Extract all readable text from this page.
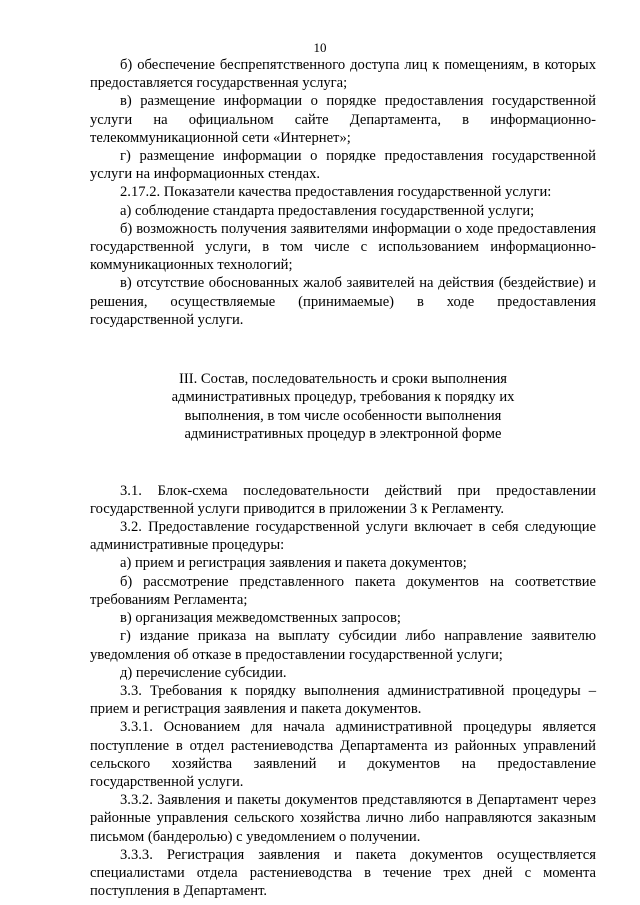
10

б) обеспечение беспрепятственного доступа лиц к помещениям, в которых предоставляется государственная услуга;

в) размещение информации о порядке предоставления государственной услуги на официальном сайте Департамента, в информационно-телекоммуникационной сети «Интернет»;

г) размещение информации о порядке предоставления государственной услуги на информационных стендах.

2.17.2. Показатели качества предоставления государственной услуги:

а) соблюдение стандарта предоставления государственной услуги;

б) возможность получения заявителями информации о ходе предоставления государственной услуги, в том числе с использованием информационно-коммуникационных технологий;

в) отсутствие обоснованных жалоб заявителей на действия (бездействие) и решения, осуществляемые (принимаемые) в ходе предоставления государственной услуги.

III. Состав, последовательность и сроки выполнения
административных процедур, требования к порядку их
выполнения, в том числе особенности выполнения
административных процедур в электронной форме

3.1. Блок-схема последовательности действий при предоставлении государственной услуги приводится в приложении 3 к Регламенту.

3.2. Предоставление государственной услуги включает в себя следующие административные процедуры:

а) прием и регистрация заявления и пакета документов;

б) рассмотрение представленного пакета документов на соответствие требованиям Регламента;

в) организация межведомственных запросов;

г) издание приказа на выплату субсидии либо направление заявителю уведомления об отказе в предоставлении государственной услуги;

д) перечисление субсидии.

3.3. Требования к порядку выполнения административной процедуры – прием и регистрация заявления и пакета документов.

3.3.1. Основанием для начала административной процедуры является поступление в отдел растениеводства Департамента из районных управлений сельского хозяйства заявлений и документов на предоставление государственной услуги.

3.3.2. Заявления и пакеты документов представляются в Департамент через районные управления сельского хозяйства лично либо направляются заказным письмом (бандеролью) с уведомлением о получении.

3.3.3. Регистрация заявления и пакета документов осуществляется специалистами отдела растениеводства в течение трех дней с момента поступления в Департамент.
